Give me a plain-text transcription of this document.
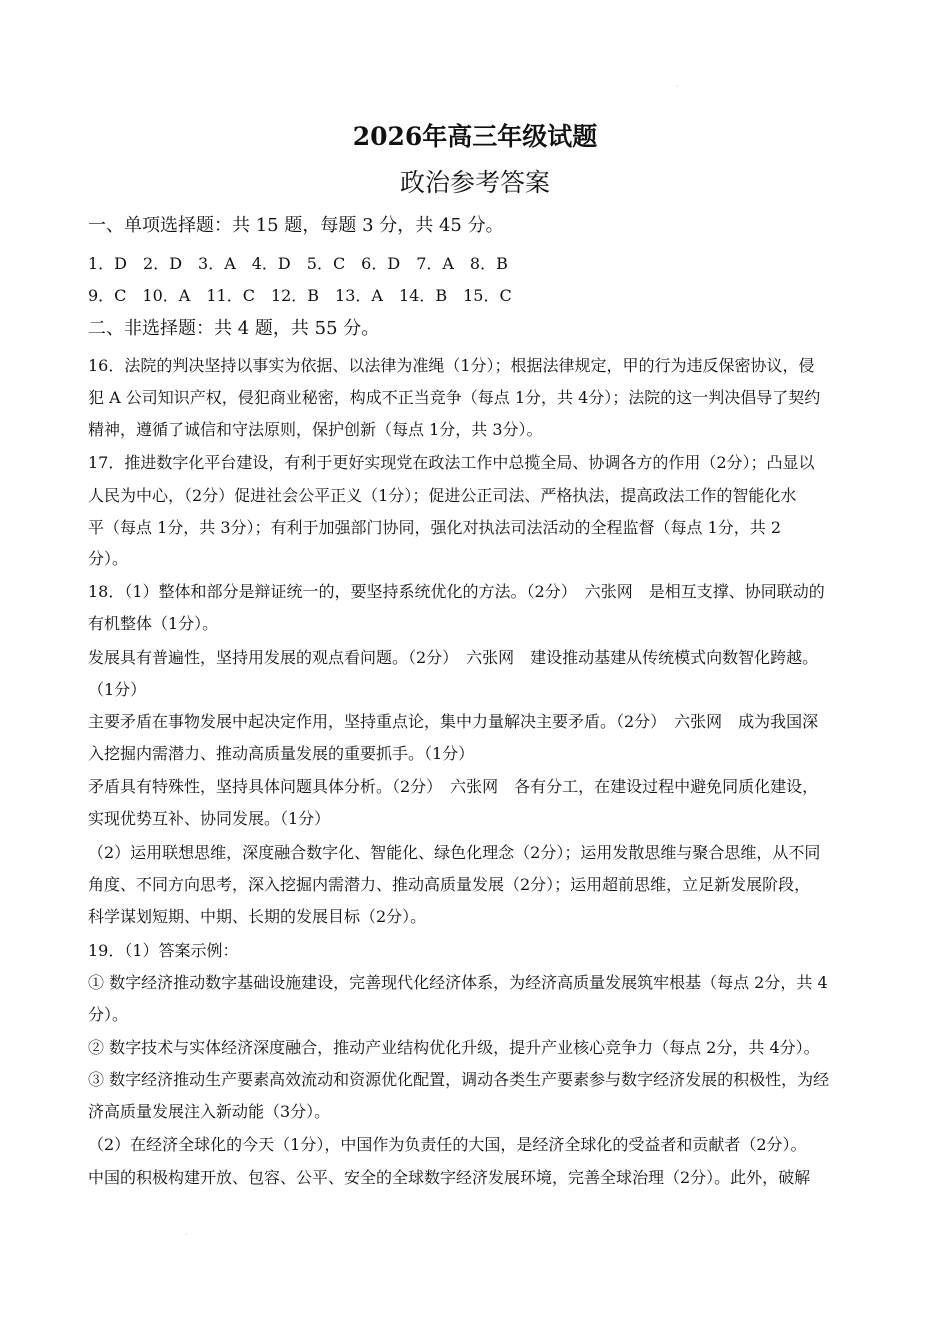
·
2026年高三年级试题
政治参考答案
一、单项选择题：共 15 题，每题 3 分，共 45 分。
1．D　2．D　3．A　4．D　5．C　6．D　7．A　8．B
9．C　10．A　11．C　12．B　13．A　14．B　15．C
二、非选择题：共 4 题，共 55 分。
16．法院的判决坚持以事实为依据、以法律为准绳（1分）；根据法律规定，甲的行为违反保密协议，侵
犯 A 公司知识产权，侵犯商业秘密，构成不正当竞争（每点 1分，共 4分）；法院的这一判决倡导了契约
精神，遵循了诚信和守法原则，保护创新（每点 1分，共 3分）。
17．推进数字化平台建设，有利于更好实现党在政法工作中总揽全局、协调各方的作用（2分）；凸显以
人民为中心，（2分）促进社会公平正义（1分）；促进公正司法、严格执法，提高政法工作的智能化水
平（每点 1分，共 3分）；有利于加强部门协同，强化对执法司法活动的全程监督（每点 1分，共 2
分）。
18．（1）整体和部分是辩证统一的，要坚持系统优化的方法。（2分）　六张网　是相互支撑、协同联动的
有机整体（1分）。
发展具有普遍性，坚持用发展的观点看问题。（2分）　六张网　建设推动基建从传统模式向数智化跨越。
（1分）
主要矛盾在事物发展中起决定作用，坚持重点论，集中力量解决主要矛盾。（2分）　六张网　成为我国深
入挖掘内需潜力、推动高质量发展的重要抓手。（1分）
矛盾具有特殊性，坚持具体问题具体分析。（2分）　六张网　各有分工，在建设过程中避免同质化建设，
实现优势互补、协同发展。（1分）
（2）运用联想思维，深度融合数字化、智能化、绿色化理念（2分）；运用发散思维与聚合思维，从不同
角度、不同方向思考，深入挖掘内需潜力、推动高质量发展（2分）；运用超前思维，立足新发展阶段，
科学谋划短期、中期、长期的发展目标（2分）。
19．（1）答案示例：
① 数字经济推动数字基础设施建设，完善现代化经济体系，为经济高质量发展筑牢根基（每点 2分，共 4
分）。
② 数字技术与实体经济深度融合，推动产业结构优化升级，提升产业核心竞争力（每点 2分，共 4分）。
③ 数字经济推动生产要素高效流动和资源优化配置，调动各类生产要素参与数字经济发展的积极性，为经
济高质量发展注入新动能（3分）。
（2）在经济全球化的今天（1分），中国作为负责任的大国，是经济全球化的受益者和贡献者（2分）。
中国的积极构建开放、包容、公平、安全的全球数字经济发展环境，完善全球治理（2分）。此外，破解
·
